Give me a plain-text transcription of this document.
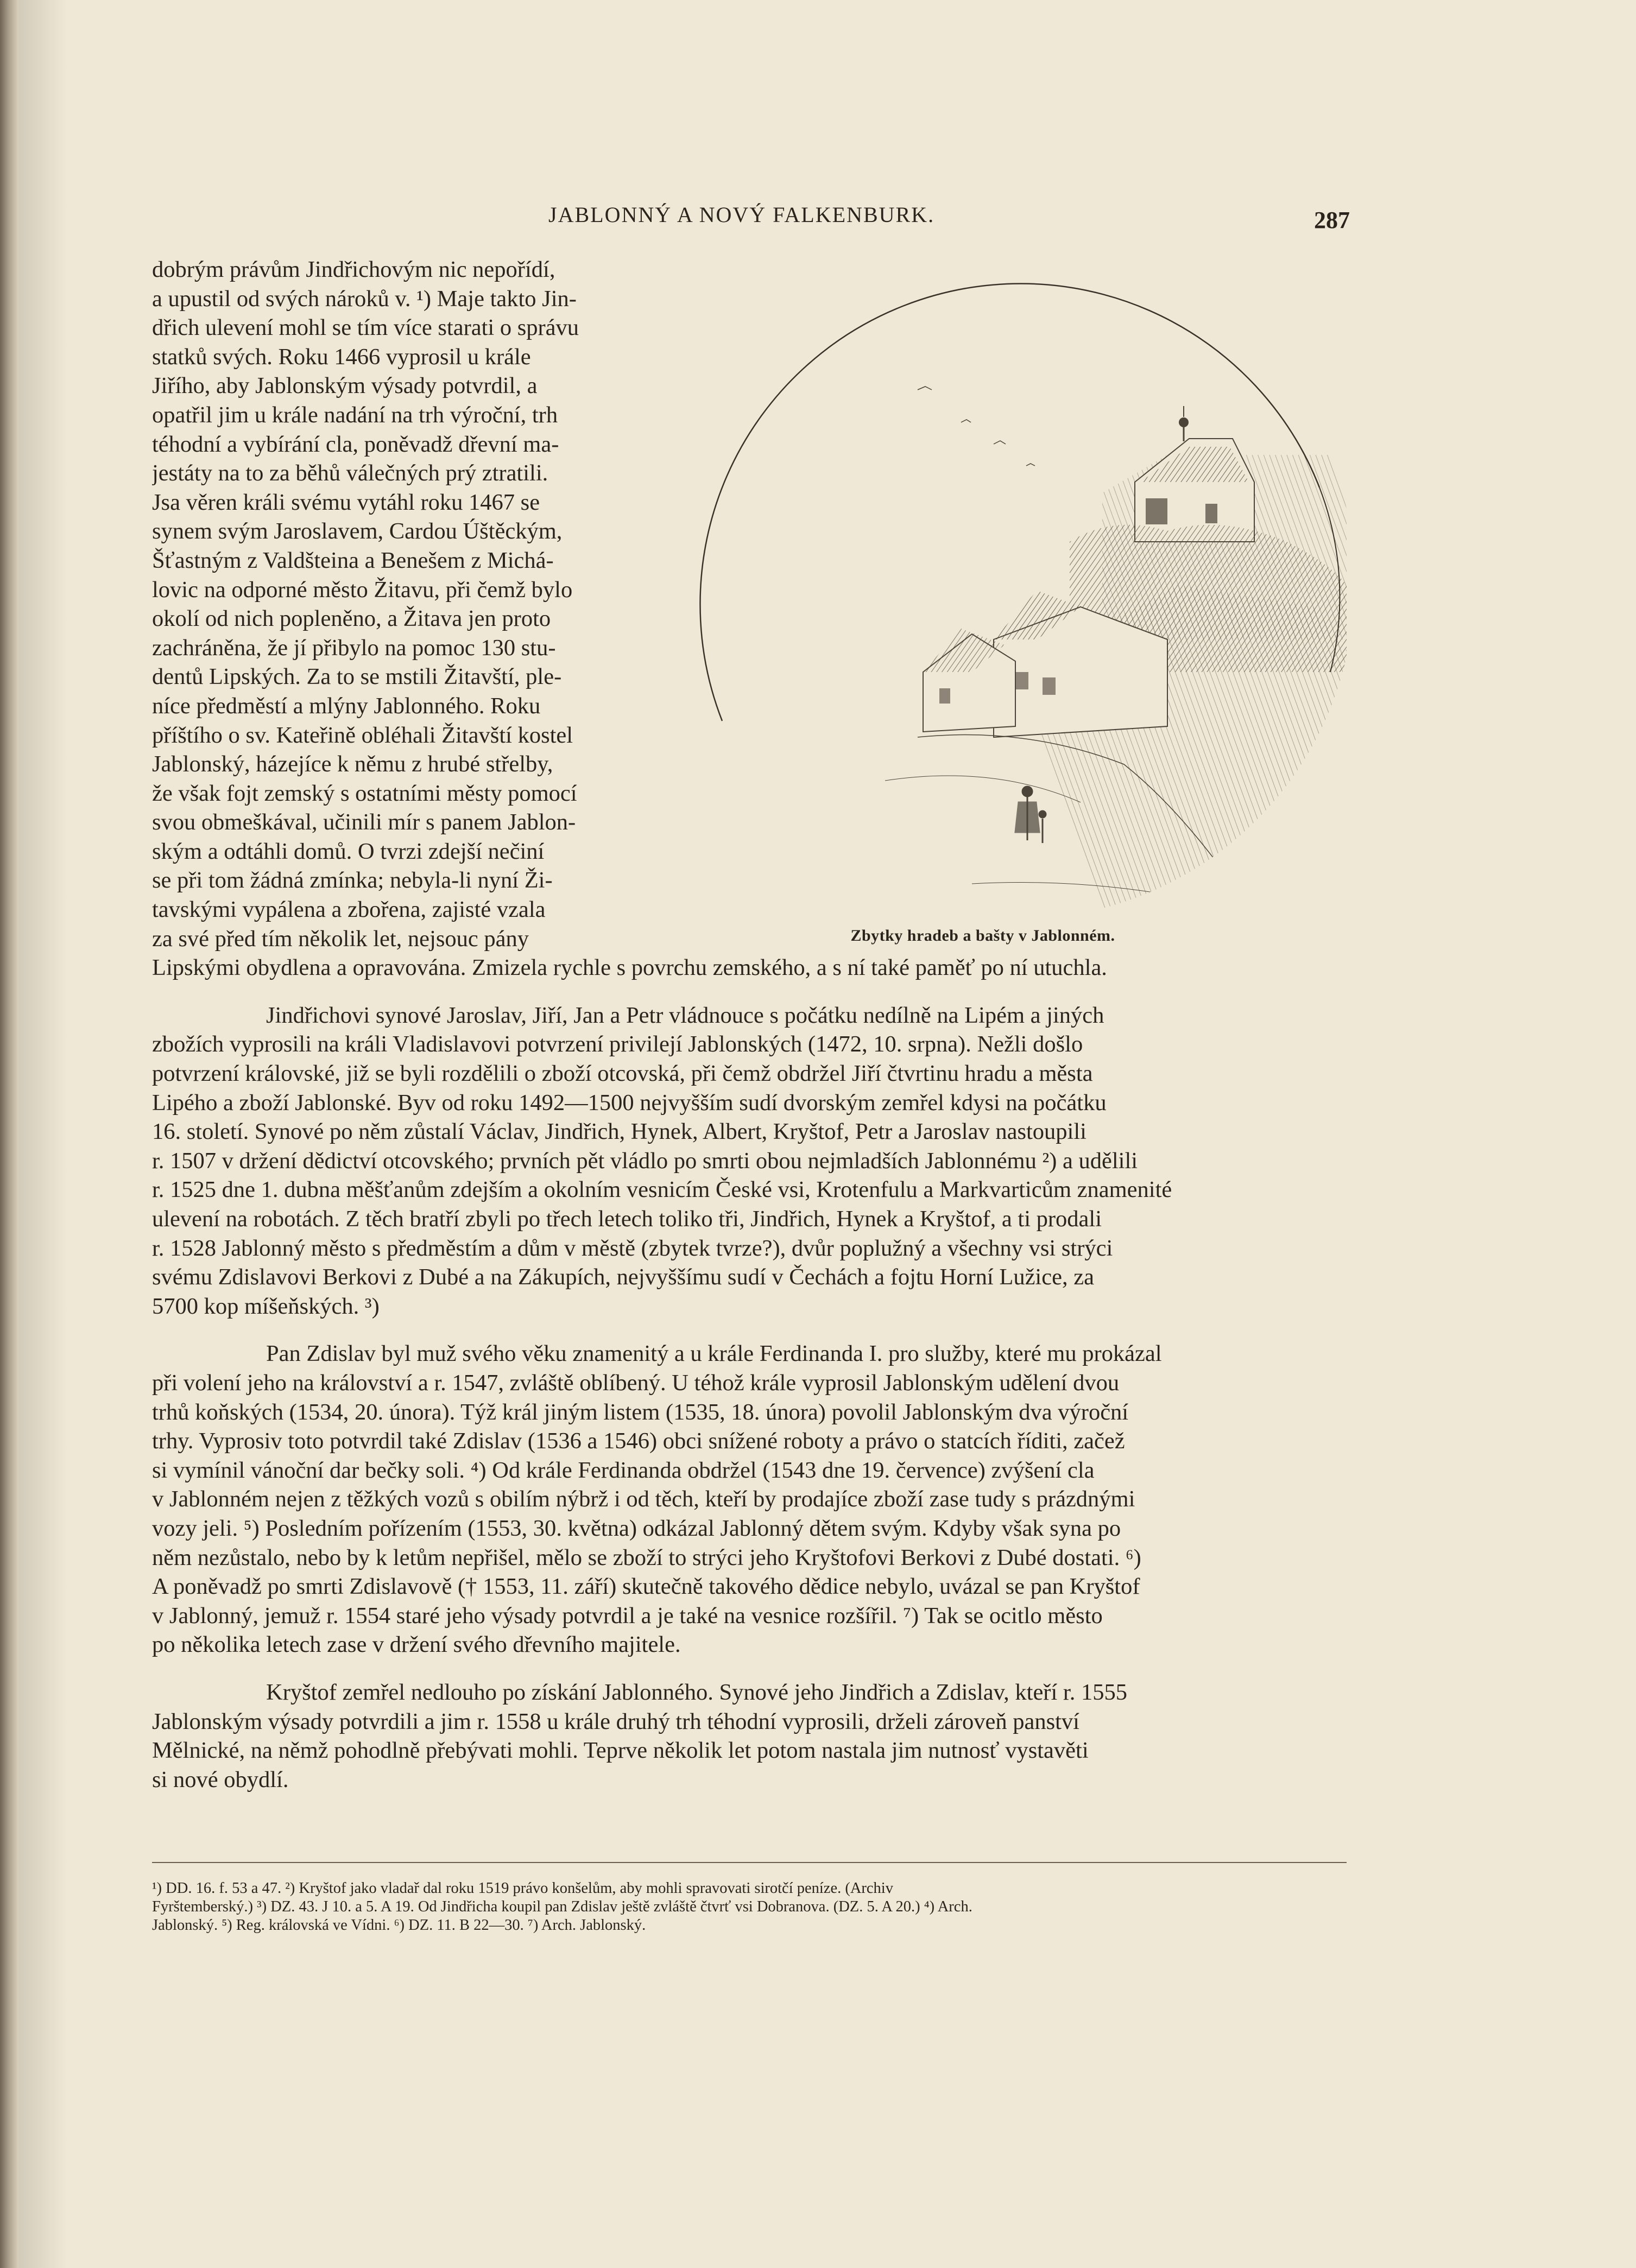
JABLONNÝ A NOVÝ FALKENBURK.	287
Zbytky hradeb a bašty v Jablonném.
dobrým právům Jindřichovým nic nepořídí,
a upustil od svých nároků v. ¹) Maje takto Jin-
dřich ulevení mohl se tím více starati o správu
statků svých. Roku 1466 vyprosil u krále
Jiřího, aby Jablonským výsady potvrdil, a
opatřil jim u krále nadání na trh výroční, trh
téhodní a vybírání cla, poněvadž dřevní ma-
jestáty na to za běhů válečných prý ztratili.
Jsa věren králi svému vytáhl roku 1467 se
synem svým Jaroslavem, Cardou Úštěckým,
Šťastným z Valdšteina a Benešem z Michá-
lovic na odporné město Žitavu, při čemž bylo
okolí od nich popleněno, a Žitava jen proto
zachráněna, že jí přibylo na pomoc 130 stu-
dentů Lipských. Za to se mstili Žitavští, ple-
níce předměstí a mlýny Jablonného. Roku
příštího o sv. Kateřině obléhali Žitavští kostel
Jablonský, házejíce k němu z hrubé střelby,
že však fojt zemský s ostatními městy pomocí
svou obmeškával, učinili mír s panem Jablon-
ským a odtáhli domů. O tvrzi zdejší nečiní
se při tom žádná zmínka; nebyla-li nyní Ži-
tavskými vypálena a zbořena, zajisté vzala
za své před tím několik let, nejsouc pány
Lipskými obydlena a opravována. Zmizela rychle s povrchu zemského, a s ní také paměť po ní utuchla.
Jindřichovi synové Jaroslav, Jiří, Jan a Petr vládnouce s počátku nedílně na Lipém a jiných
zbožích vyprosili na králi Vladislavovi potvrzení privilejí Jablonských (1472, 10. srpna). Nežli došlo
potvrzení královské, již se byli rozdělili o zboží otcovská, při čemž obdržel Jiří čtvrtinu hradu a města
Lipého a zboží Jablonské. Byv od roku 1492—1500 nejvyšším sudí dvorským zemřel kdysi na počátku
16. století. Synové po něm zůstalí Václav, Jindřich, Hynek, Albert, Kryštof, Petr a Jaroslav nastoupili
r. 1507 v držení dědictví otcovského; prvních pět vládlo po smrti obou nejmladších Jablonnému ²) a udělili
r. 1525 dne 1. dubna měšťanům zdejším a okolním vesnicím České vsi, Krotenfulu a Markvarticům znamenité
ulevení na robotách. Z těch bratří zbyli po třech letech toliko tři, Jindřich, Hynek a Kryštof, a ti prodali
r. 1528 Jablonný město s předměstím a dům v městě (zbytek tvrze?), dvůr poplužný a všechny vsi strýci
svému Zdislavovi Berkovi z Dubé a na Zákupích, nejvyššímu sudí v Čechách a fojtu Horní Lužice, za
5700 kop míšeňských. ³)
Pan Zdislav byl muž svého věku znamenitý a u krále Ferdinanda I. pro služby, které mu prokázal
při volení jeho na království a r. 1547, zvláště oblíbený. U téhož krále vyprosil Jablonským udělení dvou
trhů koňských (1534, 20. února). Týž král jiným listem (1535, 18. února) povolil Jablonským dva výroční
trhy. Vyprosiv toto potvrdil také Zdislav (1536 a 1546) obci snížené roboty a právo o statcích říditi, začež
si vymínil vánoční dar bečky soli. ⁴) Od krále Ferdinanda obdržel (1543 dne 19. července) zvýšení cla
v Jablonném nejen z těžkých vozů s obilím nýbrž i od těch, kteří by prodajíce zboží zase tudy s prázdnými
vozy jeli. ⁵) Posledním pořízením (1553, 30. května) odkázal Jablonný dětem svým. Kdyby však syna po
něm nezůstalo, nebo by k letům nepřišel, mělo se zboží to strýci jeho Kryštofovi Berkovi z Dubé dostati. ⁶)
A poněvadž po smrti Zdislavově († 1553, 11. září) skutečně takového dědice nebylo, uvázal se pan Kryštof
v Jablonný, jemuž r. 1554 staré jeho výsady potvrdil a je také na vesnice rozšířil. ⁷) Tak se ocitlo město
po několika letech zase v držení svého dřevního majitele.
Kryštof zemřel nedlouho po získání Jablonného. Synové jeho Jindřich a Zdislav, kteří r. 1555
Jablonským výsady potvrdili a jim r. 1558 u krále druhý trh téhodní vyprosili, drželi zároveň panství
Mělnické, na němž pohodlně přebývati mohli. Teprve několik let potom nastala jim nutnosť vystavěti
si nové obydlí.
¹) DD. 16. f. 53 a 47. ²) Kryštof jako vladař dal roku 1519 právo konšelům, aby mohli spravovati sirotčí peníze. (Archiv
Fyrštemberský.) ³) DZ. 43. J 10. a 5. A 19. Od Jindřicha koupil pan Zdislav ještě zvláště čtvrť vsi Dobranova. (DZ. 5. A 20.) ⁴) Arch.
Jablonský. ⁵) Reg. královská ve Vídni. ⁶) DZ. 11. B 22—30. ⁷) Arch. Jablonský.
